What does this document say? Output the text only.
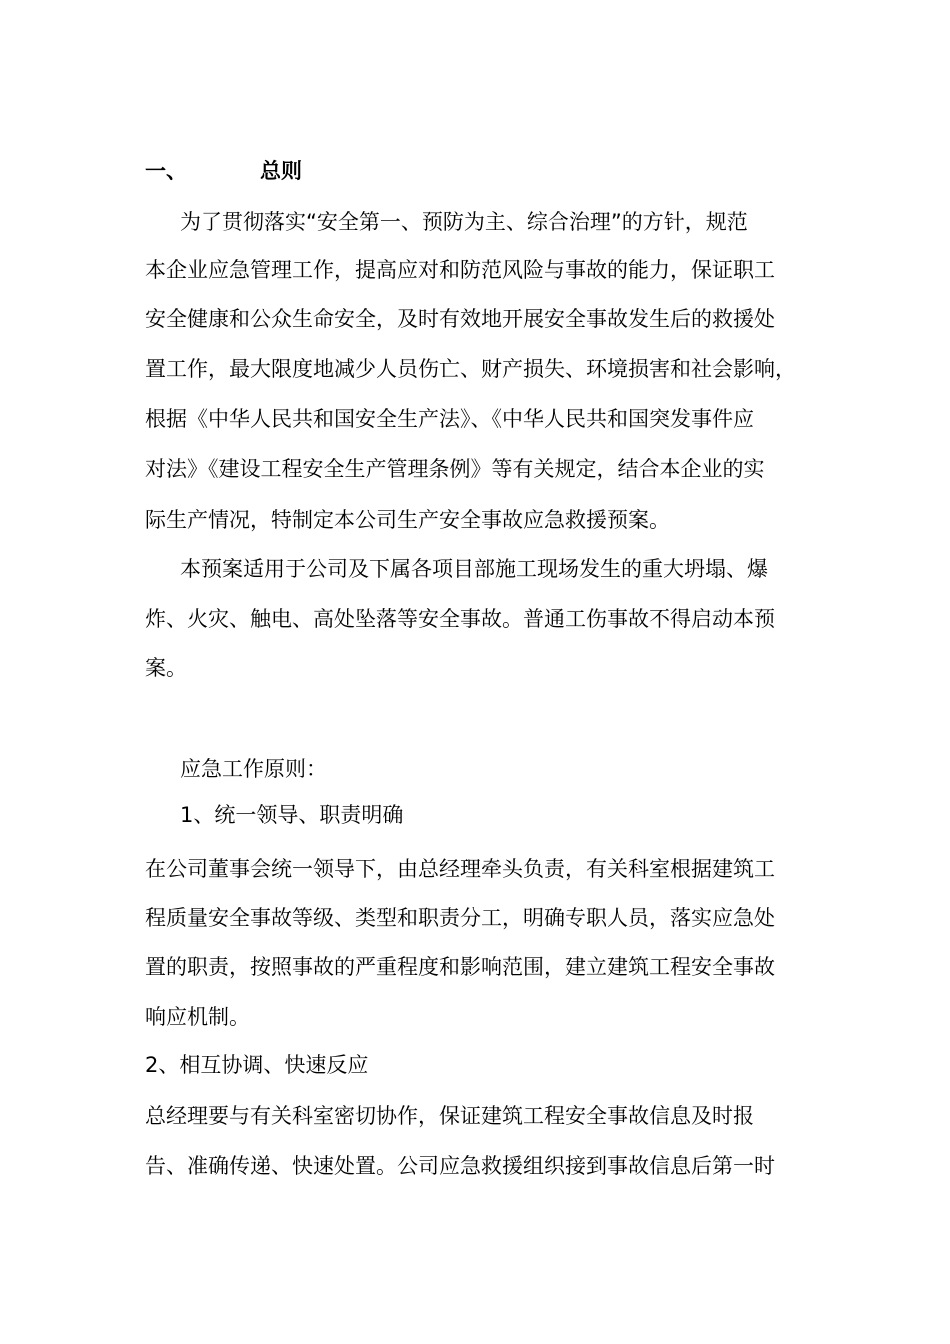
一、	总则
为了贯彻落实“安全第一、预防为主、综合治理”的方针，规范
本企业应急管理工作，提高应对和防范风险与事故的能力，保证职工
安全健康和公众生命安全，及时有效地开展安全事故发生后的救援处
置工作，最大限度地减少人员伤亡、财产损失、环境损害和社会影响，
根据《中华人民共和国安全生产法》、《中华人民共和国突发事件应
对法》《建设工程安全生产管理条例》等有关规定，结合本企业的实
际生产情况，特制定本公司生产安全事故应急救援预案。
本预案适用于公司及下属各项目部施工现场发生的重大坍塌、爆
炸、火灾、触电、高处坠落等安全事故。普通工伤事故不得启动本预
案。
应急工作原则：
1、统一领导、职责明确
在公司董事会统一领导下，由总经理牵头负责，有关科室根据建筑工
程质量安全事故等级、类型和职责分工，明确专职人员，落实应急处
置的职责，按照事故的严重程度和影响范围，建立建筑工程安全事故
响应机制。
2、相互协调、快速反应
总经理要与有关科室密切协作，保证建筑工程安全事故信息及时报
告、准确传递、快速处置。公司应急救援组织接到事故信息后第一时
